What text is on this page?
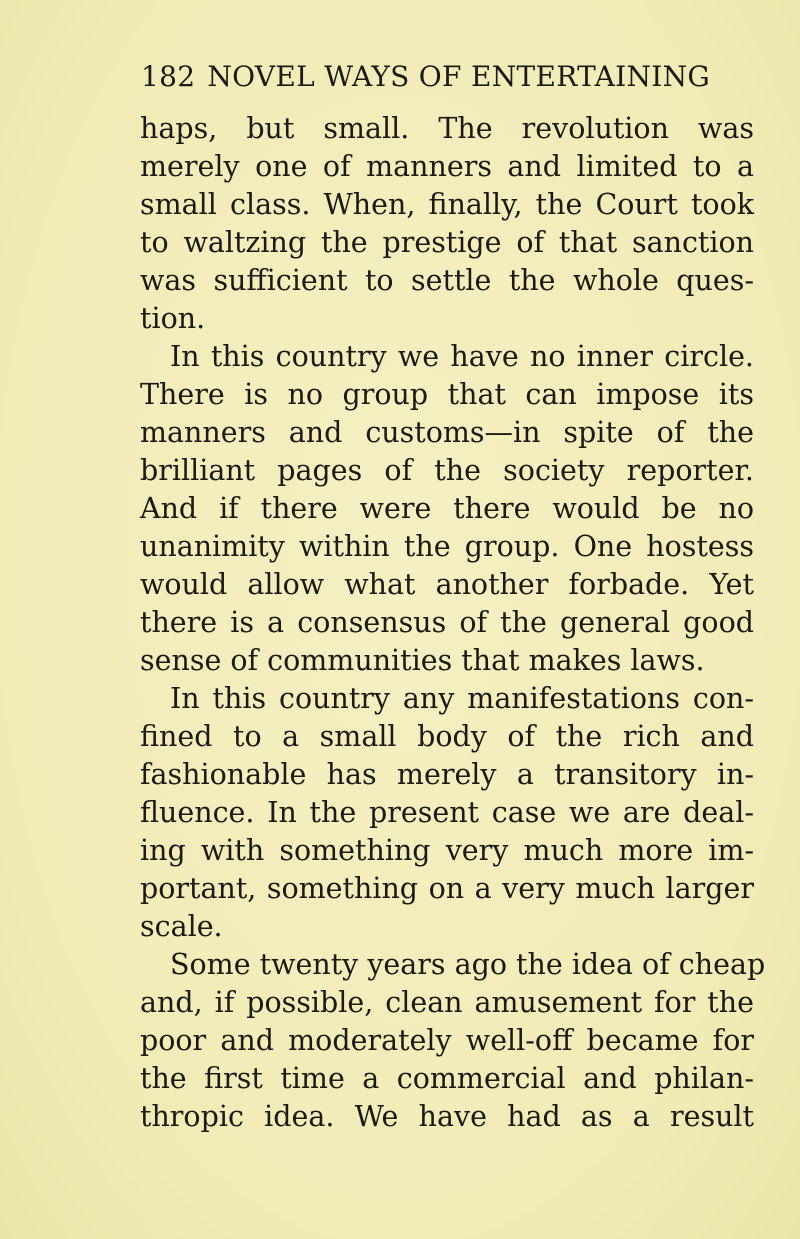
182 NOVEL WAYS OF ENTERTAINING
haps, but small. The revolution was
merely one of manners and limited to a
small class. When, finally, the Court took
to waltzing the prestige of that sanction
was sufficient to settle the whole ques-
tion.
In this country we have no inner circle.
There is no group that can impose its
manners and customs—in spite of the
brilliant pages of the society reporter.
And if there were there would be no
unanimity within the group. One hostess
would allow what another forbade. Yet
there is a consensus of the general good
sense of communities that makes laws.
In this country any manifestations con-
fined to a small body of the rich and
fashionable has merely a transitory in-
fluence. In the present case we are deal-
ing with something very much more im-
portant, something on a very much larger
scale.
Some twenty years ago the idea of cheap
and, if possible, clean amusement for the
poor and moderately well-off became for
the first time a commercial and philan-
thropic idea. We have had as a result
